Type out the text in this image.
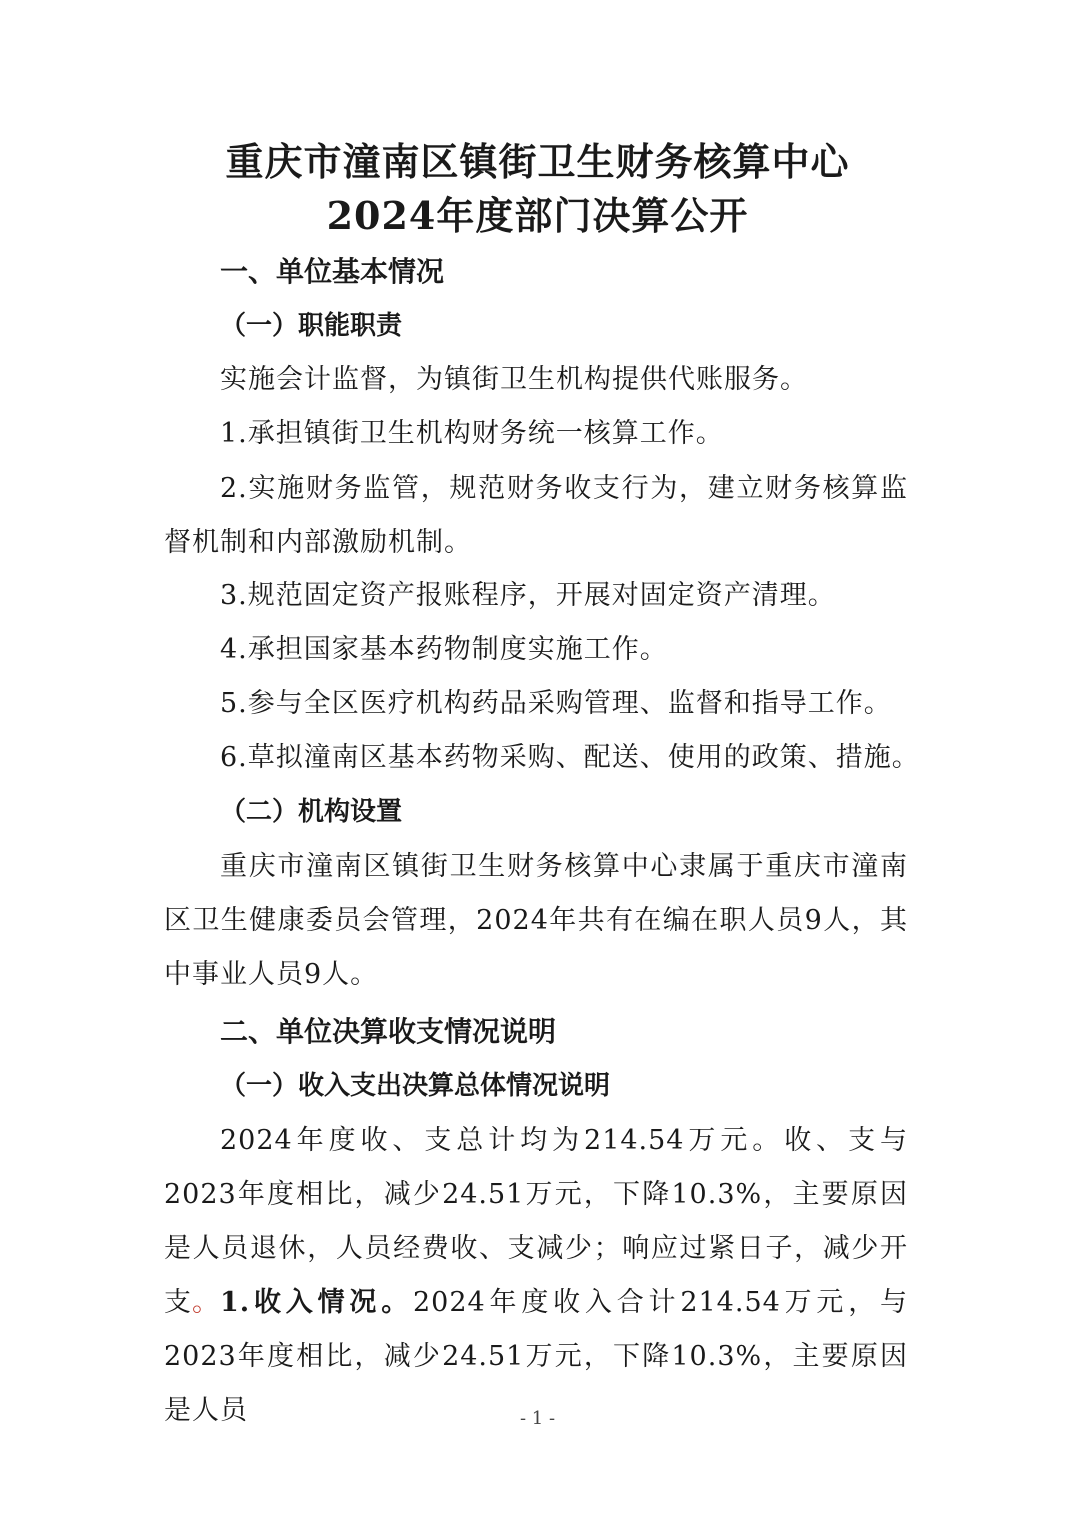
重庆市潼南区镇街卫生财务核算中心
2024年度部门决算公开
一、单位基本情况
（一）职能职责
实施会计监督，为镇街卫生机构提供代账服务。
1.承担镇街卫生机构财务统一核算工作。
2.实施财务监管，规范财务收支行为，建立财务核算监督机制和内部激励机制。
3.规范固定资产报账程序，开展对固定资产清理。
4.承担国家基本药物制度实施工作。
5.参与全区医疗机构药品采购管理、监督和指导工作。
6.草拟潼南区基本药物采购、配送、使用的政策、措施。
（二）机构设置
重庆市潼南区镇街卫生财务核算中心隶属于重庆市潼南区卫生健康委员会管理，2024年共有在编在职人员9人，其中事业人员9人。
二、单位决算收支情况说明
（一）收入支出决算总体情况说明
2024年度收、支总计均为214.54万元。收、支与2023年度相比，减少24.51万元，下降10.3%，主要原因是人员退休，人员经费收、支减少；响应过紧日子，减少开支。 1.收入情况。2024年度收入合计214.54万元，与2023年度相比，减少24.51万元，下降10.3%，主要原因是人员	- 1 -
